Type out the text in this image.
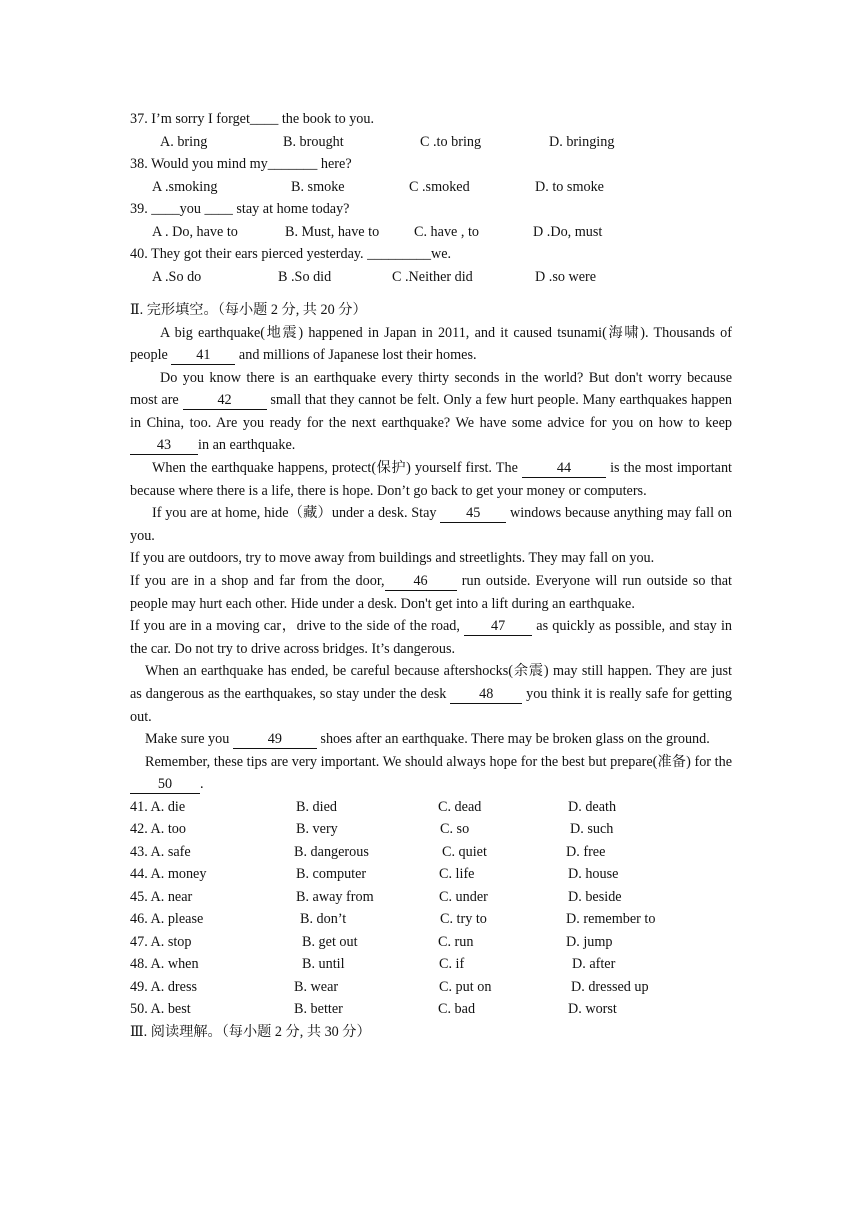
37. I’m sorry I forget____ the book to you.
A. bring	B. brought	C .to bring	D. bringing
38. Would you mind my_______ here?
A .smoking	B. smoke	C .smoked	D. to smoke
39. ____you ____ stay at home today?
A . Do, have to	B. Must, have to C. have , to	D .Do, must
40. They got their ears pierced yesterday. _________we.
A .So do	B .So did	C .Neither did	D .so were
Ⅱ. 完形填空。（每小题 2 分, 共 20 分）
A big earthquake(地震) happened in Japan in 2011, and it caused tsunami(海啸). Thousands of people 41 and millions of Japanese lost their homes.
Do you know there is an earthquake every thirty seconds in the world? But don't worry because most are 42 small that they cannot be felt. Only a few hurt people. Many earthquakes happen in China, too. Are you ready for the next earthquake? We have some advice for you on how to keep 43 in an earthquake.
When the earthquake happens, protect(保护) yourself first. The 44 is the most important because where there is a life, there is hope. Don’t go back to get your money or computers.
If you are at home, hide（藏）under a desk. Stay 45 windows because anything may fall on you.
If you are outdoors, try to move away from buildings and streetlights. They may fall on you.
If you are in a shop and far from the door, 46 run outside. Everyone will run outside so that people may hurt each other. Hide under a desk. Don't get into a lift during an earthquake.
If you are in a moving car，drive to the side of the road, 47 as quickly as possible, and stay in the car. Do not try to drive across bridges. It’s dangerous.
When an earthquake has ended, be careful because aftershocks(余震) may still happen. They are just as dangerous as the earthquakes, so stay under the desk 48 you think it is really safe for getting out.
Make sure you 49 shoes after an earthquake. There may be broken glass on the ground.
Remember, these tips are very important. We should always hope for the best but prepare(准备) for the 50 .
41. A. die	B. died	C. dead	D. death
42. A. too	B. very	C. so	D. such
43. A. safe	B. dangerous	C. quiet	D. free
44. A. money	B. computer	C. life	D. house
45. A. near	B. away from	C. under	D. beside
46. A. please	B. don’t	C. try to	D. remember to
47. A. stop	B. get out	C. run	D. jump
48. A. when	B. until	C. if	D. after
49. A. dress	B. wear	C. put on	D. dressed up
50. A. best	B. better	C. bad	D. worst
Ⅲ. 阅读理解。（每小题 2 分, 共 30 分）
